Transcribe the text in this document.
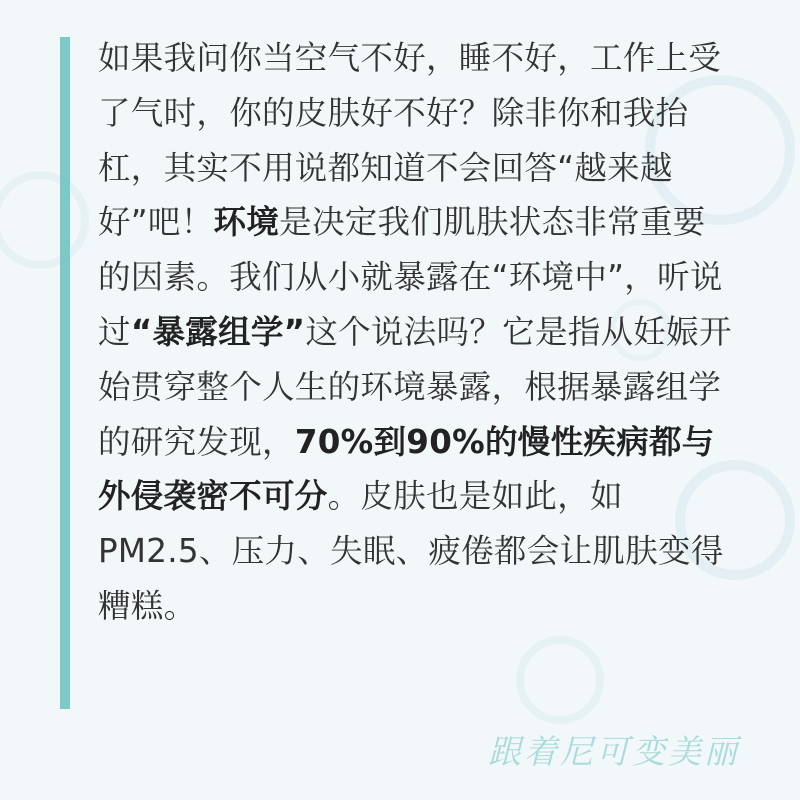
如果我问你当空气不好，睡不好，工作上受了气时，你的皮肤好不好？除非你和我抬杠，其实不用说都知道不会回答“越来越好”吧！环境是决定我们肌肤状态非常重要的因素。我们从小就暴露在“环境中”，听说过“暴露组学”这个说法吗？它是指从妊娠开始贯穿整个人生的环境暴露，根据暴露组学的研究发现，70%到90%的慢性疾病都与外侵袭密不可分。皮肤也是如此，如PM2.5、压力、失眠、疲倦都会让肌肤变得糟糕。

跟着尼可变美丽
